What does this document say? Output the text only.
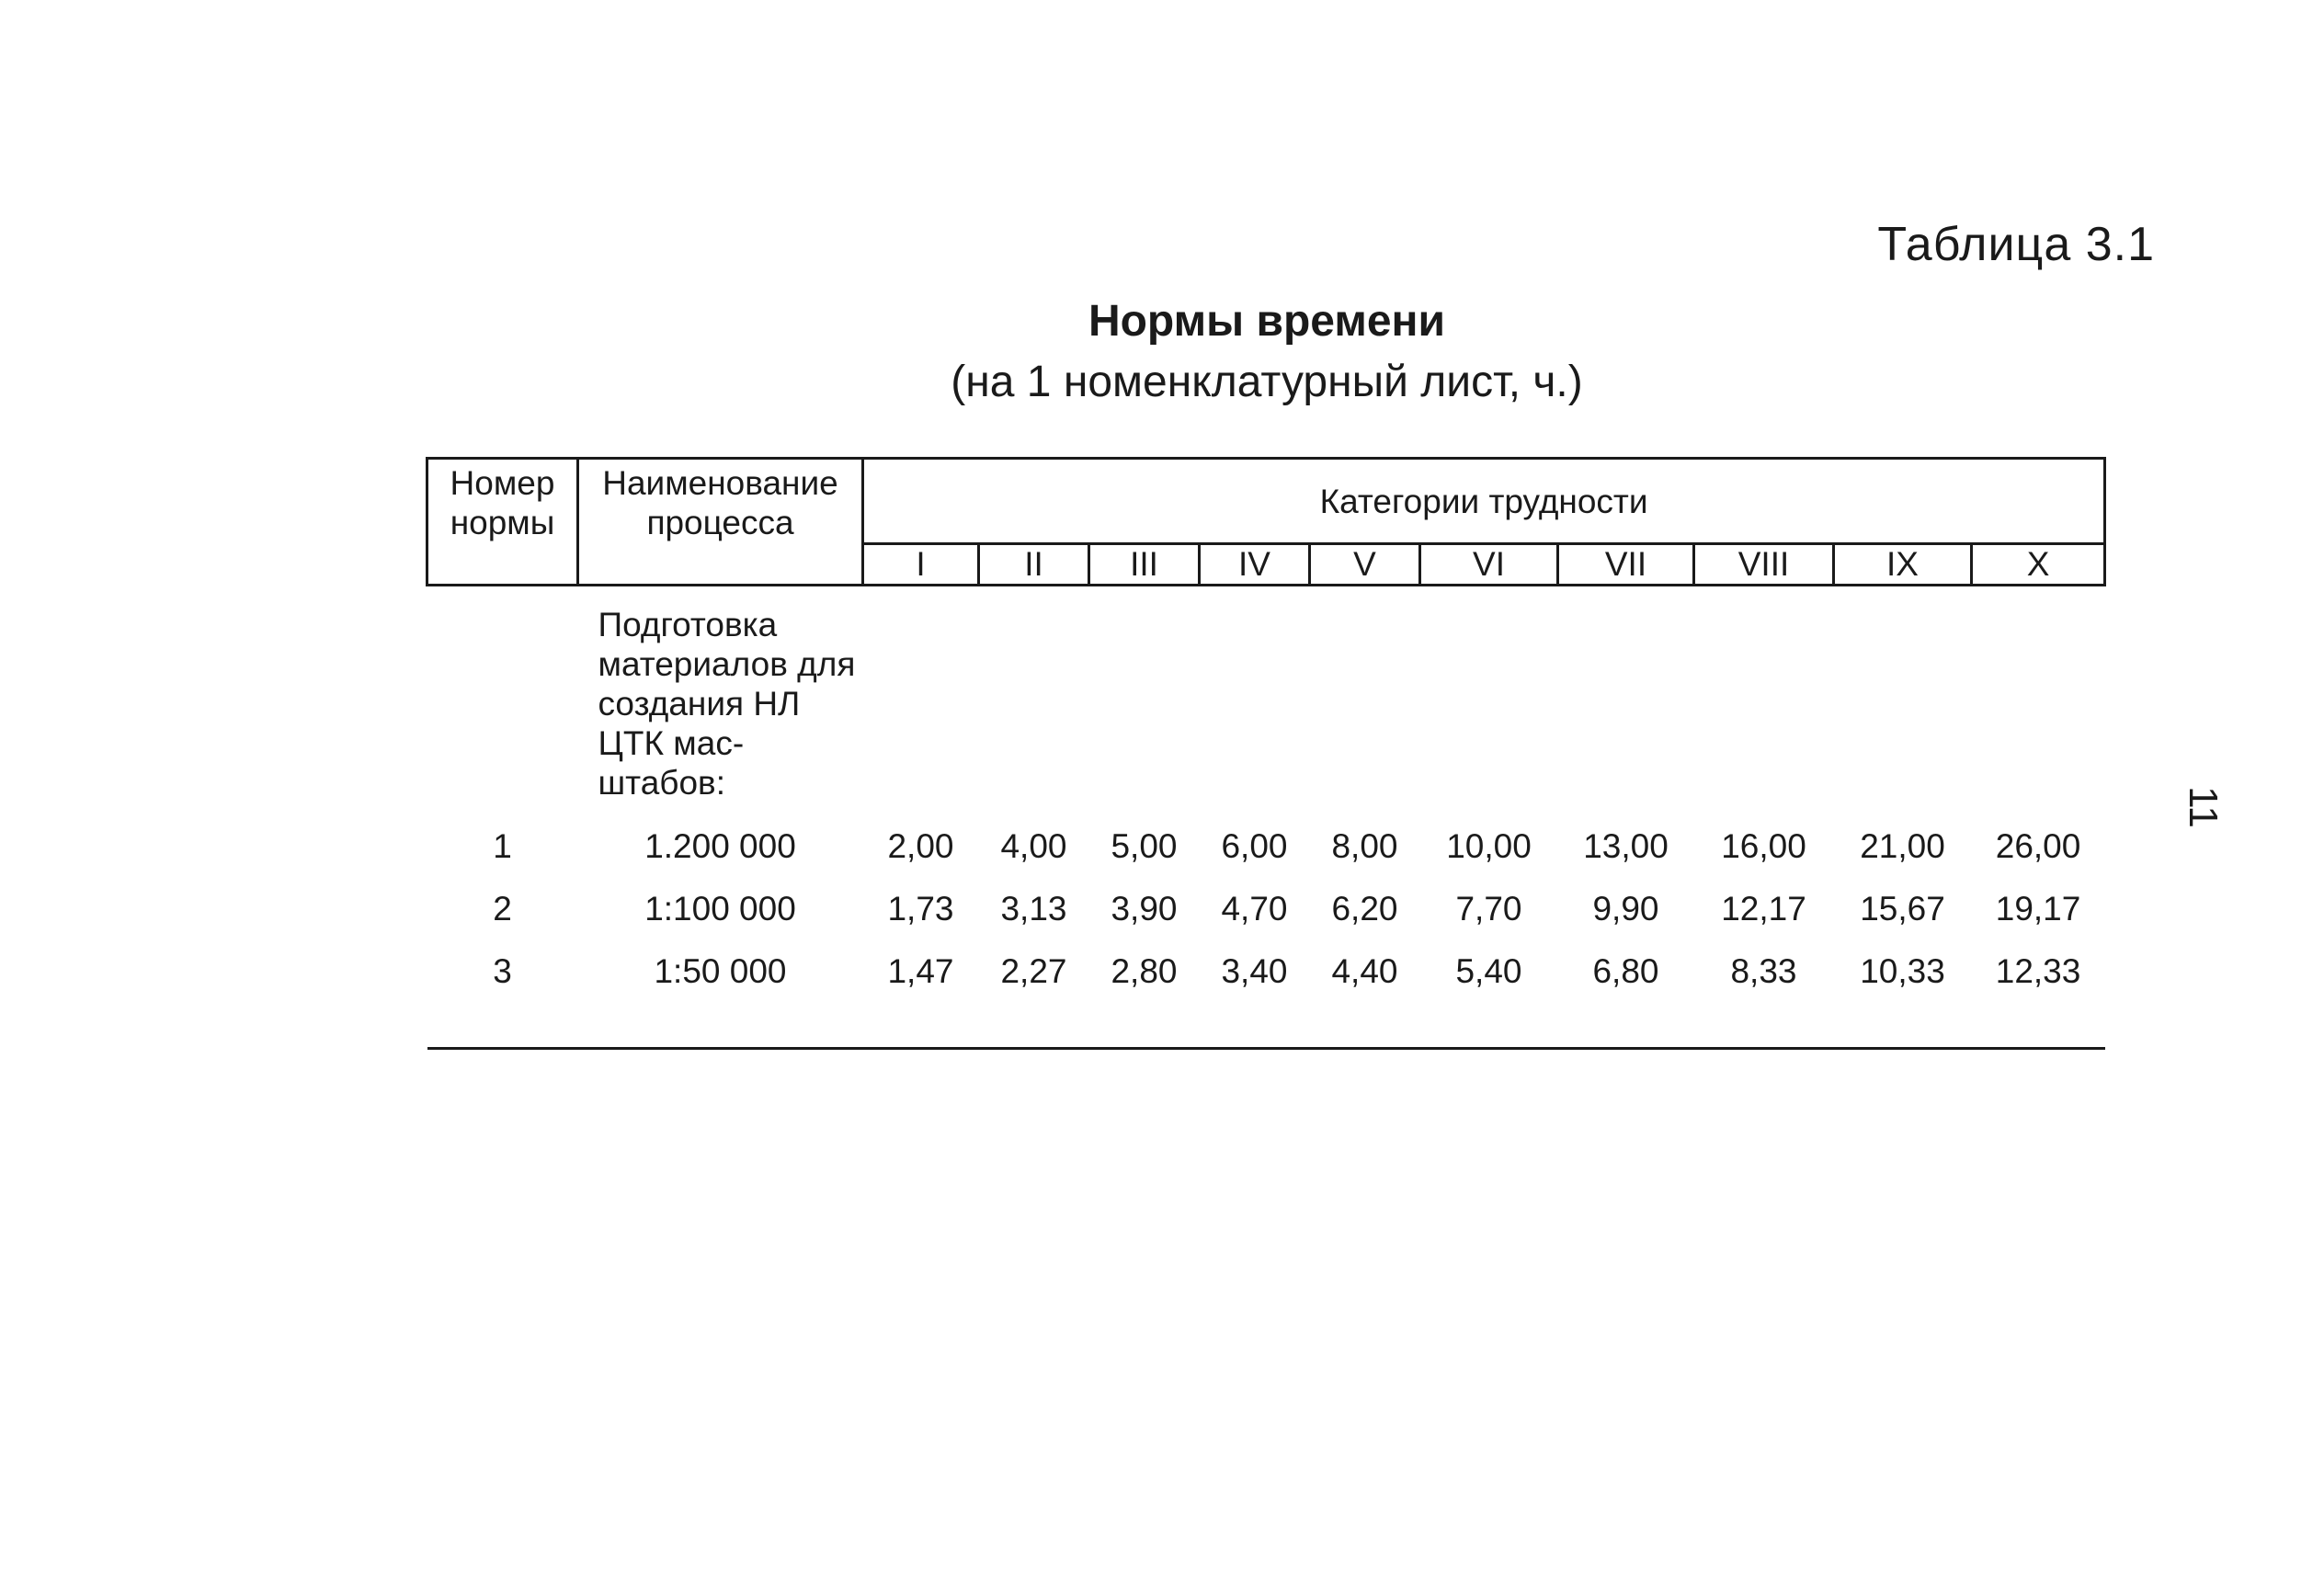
Таблица 3.1
Нормы времени
(на 1 номенклатурный лист, ч.)
11
Номер нормы	Наименование процесса	Категории трудности									
		I	II	III	IV	V	VI	VII	VIII	IX	X
	Подготовка материалов для создания НЛ ЦТК мас-штабов:										
1	1.200 000	2,00	4,00	5,00	6,00	8,00	10,00	13,00	16,00	21,00	26,00
2	1:100 000	1,73	3,13	3,90	4,70	6,20	7,70	9,90	12,17	15,67	19,17
3	1:50 000	1,47	2,27	2,80	3,40	4,40	5,40	6,80	8,33	10,33	12,33
